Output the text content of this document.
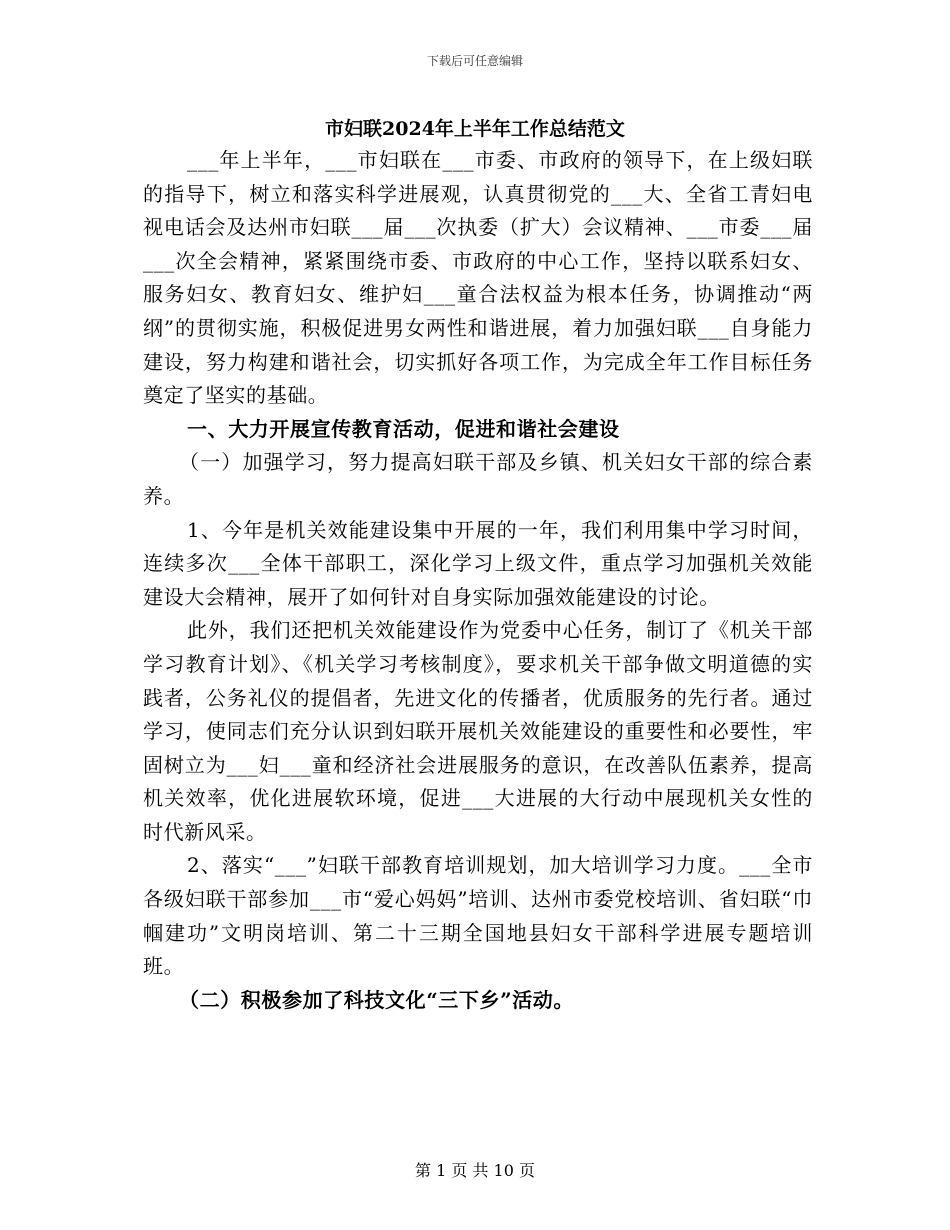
下载后可任意编辑
市妇联2024年上半年工作总结范文

___年上半年，___市妇联在___市委、市政府的领导下，在上级妇联的指导下，树立和落实科学进展观，认真贯彻党的___大、全省工青妇电视电话会及达州市妇联___届___次执委（扩大）会议精神、___市委___届___次全会精神，紧紧围绕市委、市政府的中心工作，坚持以联系妇女、服务妇女、教育妇女、维护妇___童合法权益为根本任务，协调推动“两纲”的贯彻实施，积极促进男女两性和谐进展，着力加强妇联___自身能力建设，努力构建和谐社会，切实抓好各项工作，为完成全年工作目标任务奠定了坚实的基础。

一、大力开展宣传教育活动，促进和谐社会建设

（一）加强学习，努力提高妇联干部及乡镇、机关妇女干部的综合素养。

1、今年是机关效能建设集中开展的一年，我们利用集中学习时间，连续多次___全体干部职工，深化学习上级文件，重点学习加强机关效能建设大会精神，展开了如何针对自身实际加强效能建设的讨论。

此外，我们还把机关效能建设作为党委中心任务，制订了《机关干部学习教育计划》、《机关学习考核制度》，要求机关干部争做文明道德的实践者，公务礼仪的提倡者，先进文化的传播者，优质服务的先行者。通过学习，使同志们充分认识到妇联开展机关效能建设的重要性和必要性，牢固树立为___妇___童和经济社会进展服务的意识，在改善队伍素养，提高机关效率，优化进展软环境，促进___大进展的大行动中展现机关女性的时代新风采。

2、落实“___”妇联干部教育培训规划，加大培训学习力度。___全市各级妇联干部参加___市“爱心妈妈”培训、达州市委党校培训、省妇联“巾帼建功”文明岗培训、第二十三期全国地县妇女干部科学进展专题培训班。

（二）积极参加了科技文化“三下乡”活动。

第 1 页 共 10 页
